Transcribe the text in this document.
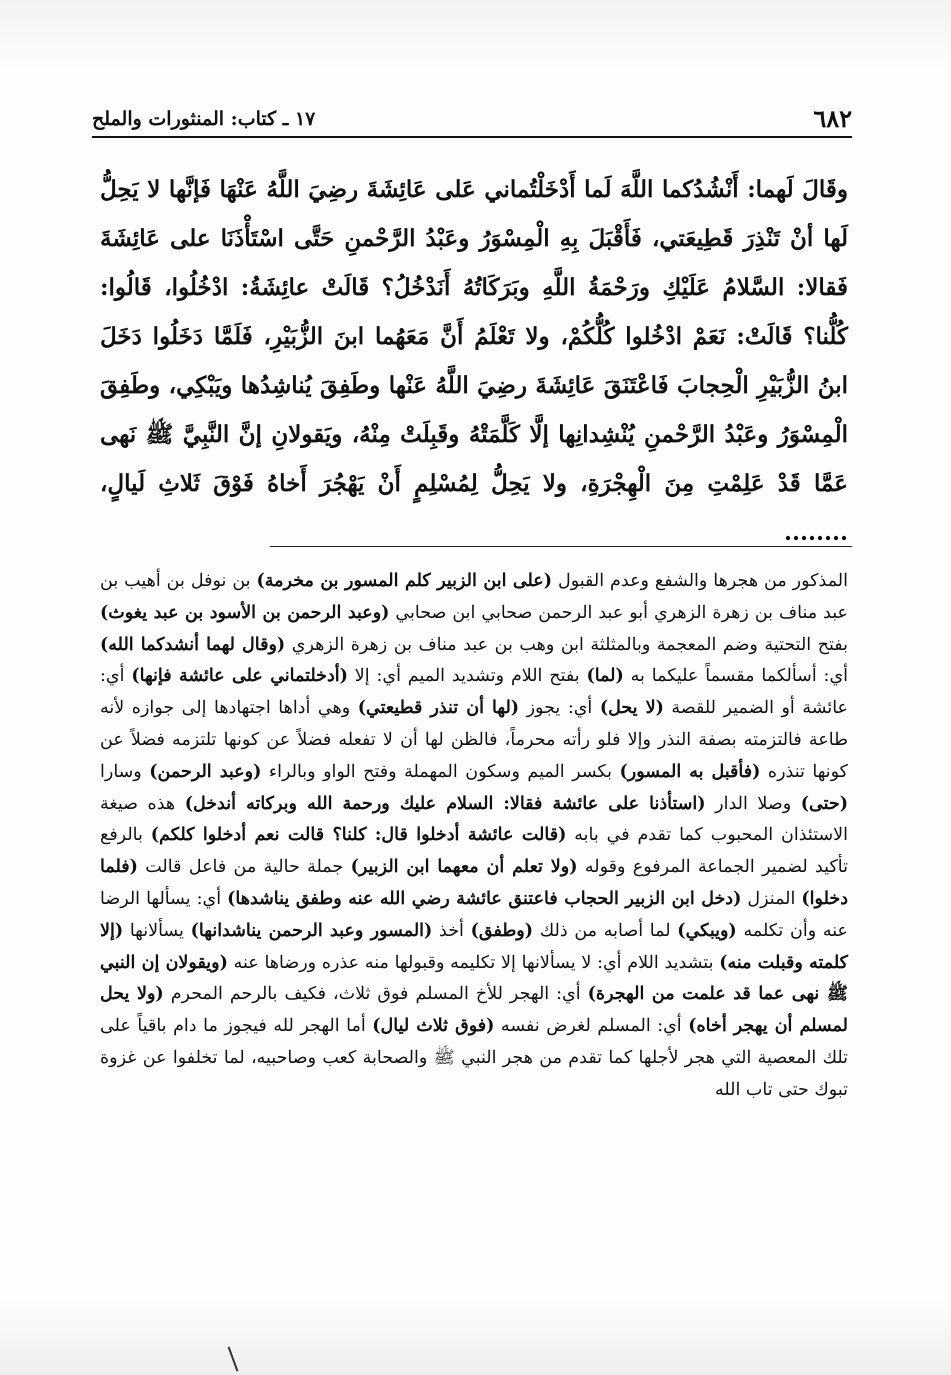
٦٨٢
١٧ ـ كتاب: المنثورات والملح

وقَالَ لَهما: أَنْشُدُكما اللَّهَ لَما أَدْخَلْتُماني عَلى عَائِشَةَ رضِيَ اللَّهُ عَنْهَا فَإنَّها لا يَحِلُّ لَها أنْ تَنْذِرَ قَطِيعَتي، فَأَقْبَلَ بِهِ الْمِسْوَرُ وعَبْدُ الرَّحْمنِ حَتَّى اسْتَأْذَنَا على عَائِشَةَ فَقالا: السَّلامُ عَلَيْكِ ورَحْمَةُ اللَّهِ وبَرَكَاتُهُ أَنَدْخُلُ؟ قَالَتْ عائِشَةُ: ادْخُلُوا، قَالُوا: كُلُّنا؟ قَالَتْ: نَعَمْ ادْخُلوا كُلُّكُمْ، ولا تَعْلَمُ أَنَّ مَعَهُما ابنَ الزُّبَيْرِ، فَلَمَّا دَخَلُوا دَخَلَ ابنُ الزُّبَيْرِ الْحِجابَ فَاعْتَنَقَ عَائِشَةَ رضِيَ اللَّهُ عَنْها وطَفِقَ يُناشِدُها ويَبْكِي، وطَفِقَ الْمِسْوَرُ وعَبْدُ الرَّحْمنِ يُنْشِدانِها إلَّا كَلَّمَتْهُ وقَبِلَتْ مِنْهُ، ويَقولانِ إنَّ النَّبِيَّ ﷺ نَهى عَمَّا قَدْ عَلِمْتِ مِنَ الْهِجْرَةِ، ولا يَحِلُّ لِمُسْلِمٍ أَنْ يَهْجُرَ أَخاهُ فَوْقَ ثَلاثِ لَيالٍ، ........

المذكور من هجرها والشفع وعدم القبول (على ابن الزبير كلم المسور بن مخرمة) بن نوفل بن أهيب بن عبد مناف بن زهرة الزهري أبو عبد الرحمن صحابي ابن صحابي (وعبد الرحمن بن الأسود بن عبد يغوث) بفتح التحتية وضم المعجمة وبالمثلثة ابن وهب بن عبد مناف بن زهرة الزهري (وقال لهما أنشدكما الله) أي: أسألكما مقسماً عليكما به (لما) بفتح اللام وتشديد الميم أي: إلا (أدخلتماني على عائشة فإنها) أي: عائشة أو الضمير للقصة (لا يحل) أي: يجوز (لها أن تنذر قطيعتي) وهي أداها اجتهادها إلى جوازه لأنه طاعة فالتزمته بصفة النذر وإلا فلو رأته محرماً، فالظن لها أن لا تفعله فضلاً عن كونها تلتزمه فضلاً عن كونها تنذره (فأقبل به المسور) بكسر الميم وسكون المهملة وفتح الواو وبالراء (وعبد الرحمن) وسارا (حتى) وصلا الدار (استأذنا على عائشة فقالا: السلام عليك ورحمة الله وبركاته أندخل) هذه صيغة الاستئذان المحبوب كما تقدم في بابه (قالت عائشة أدخلوا قال: كلنا؟ قالت نعم أدخلوا كلكم) بالرفع تأكيد لضمير الجماعة المرفوع وقوله (ولا تعلم أن معهما ابن الزبير) جملة حالية من فاعل قالت (فلما دخلوا) المنزل (دخل ابن الزبير الحجاب فاعتنق عائشة رضي الله عنه وطفق يناشدها) أي: يسألها الرضا عنه وأن تكلمه (ويبكي) لما أصابه من ذلك (وطفق) أخذ (المسور وعبد الرحمن يناشدانها) يسألانها (إلا كلمته وقبلت منه) بتشديد اللام أي: لا يسألانها إلا تكليمه وقبولها منه عذره ورضاها عنه (ويقولان إن النبي ﷺ نهى عما قد علمت من الهجرة) أي: الهجر للأخ المسلم فوق ثلاث، فكيف بالرحم المحرم (ولا يحل لمسلم أن يهجر أخاه) أي: المسلم لغرض نفسه (فوق ثلاث ليال) أما الهجر لله فيجوز ما دام باقياً على تلك المعصية التي هجر لأجلها كما تقدم من هجر النبي ﷺ والصحابة كعب وصاحبيه، لما تخلفوا عن غزوة تبوك حتى تاب الله
